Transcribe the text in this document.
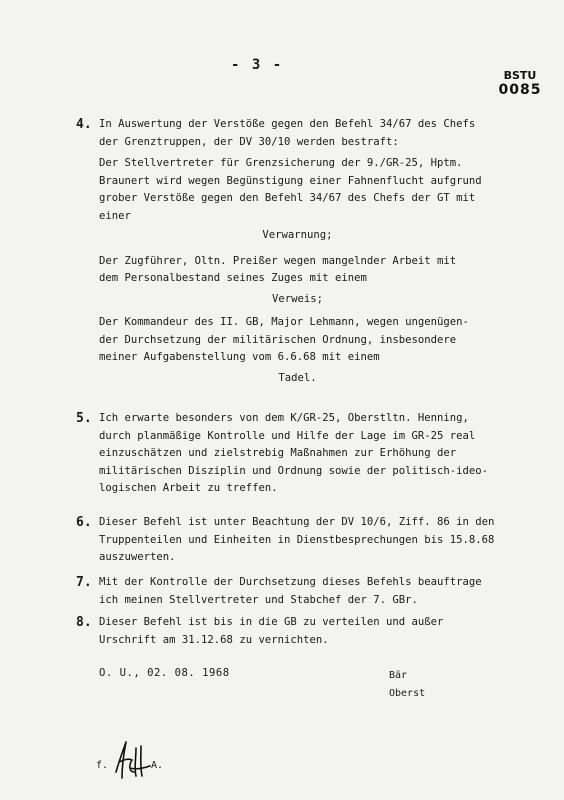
- 3 -
BSTU
0085
4. In Auswertung der Verstöße gegen den Befehl 34/67 des Chefs
der Grenztruppen, der DV 30/10 werden bestraft:
Der Stellvertreter für Grenzsicherung der 9./GR-25, Hptm.
Braunert wird wegen Begünstigung einer Fahnenflucht aufgrund
grober Verstöße gegen den Befehl 34/67 des Chefs der GT mit
einer
Verwarnung;
Der Zugführer, Oltn. Preißer wegen mangelnder Arbeit mit
dem Personalbestand seines Zuges mit einem
Verweis;
Der Kommandeur des II. GB, Major Lehmann, wegen ungenügen-
der Durchsetzung der militärischen Ordnung, insbesondere
meiner Aufgabenstellung vom 6.6.68 mit einem
Tadel.
5. Ich erwarte besonders von dem K/GR-25, Oberstltn. Henning,
durch planmäßige Kontrolle und Hilfe der Lage im GR-25 real
einzuschätzen und zielstrebig Maßnahmen zur Erhöhung der
militärischen Disziplin und Ordnung sowie der politisch-ideo-
logischen Arbeit zu treffen.
6. Dieser Befehl ist unter Beachtung der DV 10/6, Ziff. 86 in den
Truppenteilen und Einheiten in Dienstbesprechungen bis 15.8.68
auszuwerten.
7. Mit der Kontrolle der Durchsetzung dieses Befehls beauftrage
ich meinen Stellvertreter und Stabchef der 7. GBr.
8. Dieser Befehl ist bis in die GB zu verteilen und außer
Urschrift am 31.12.68 zu vernichten.
O. U., 02. 08. 1968	Bär
Oberst
f.	A.
